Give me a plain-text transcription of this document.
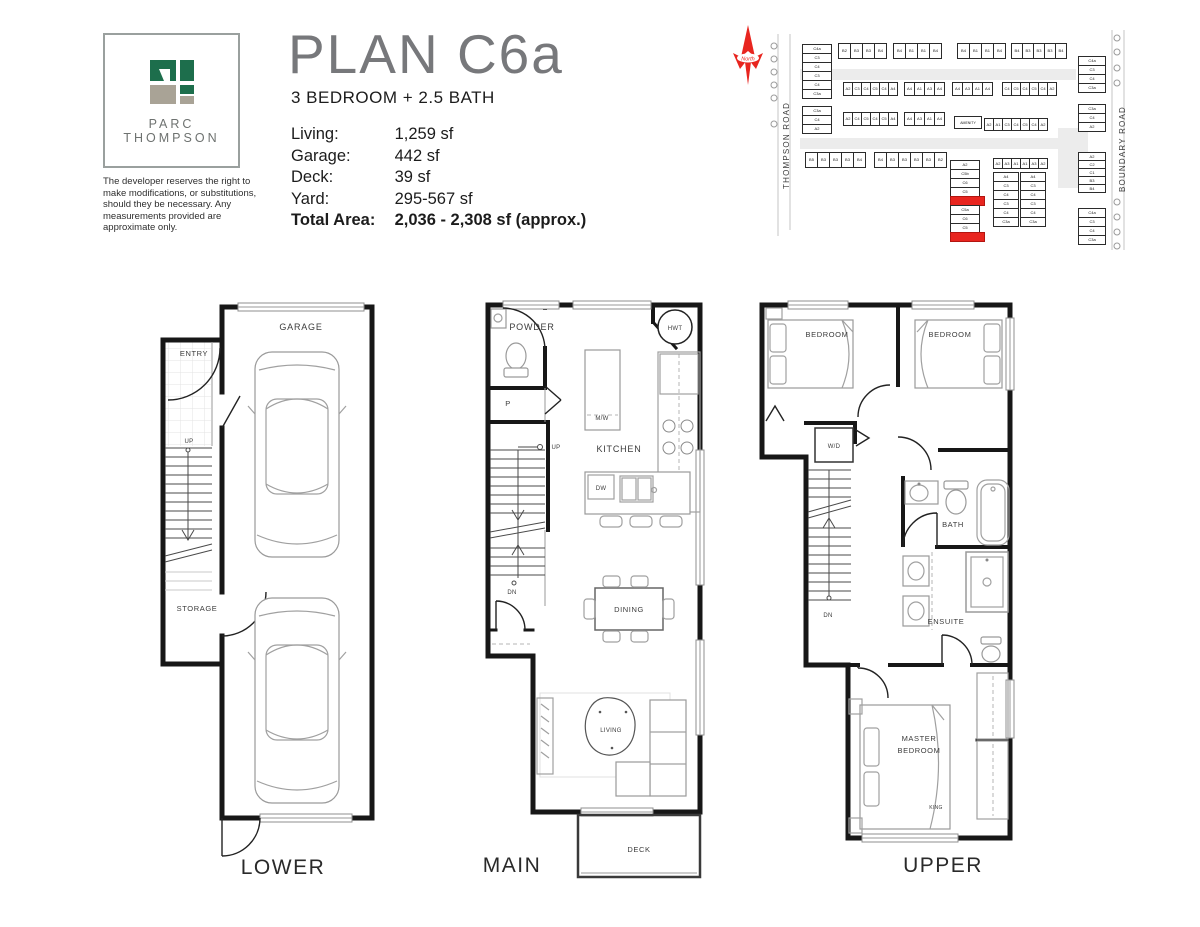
PARC THOMPSON
The developer reserves the right to make modifications, or substitutions, should they be necessary. Any measurements provided are approximate only.
PLAN C6a
3 BEDROOM + 2.5 BATH
Living:	1,259 sf
Garage:	442 sf
Deck:	39 sf
Yard:	295-567 sf
Total Area: 2,036 - 2,308 sf (approx.)
North
THOMPSON ROAD	BOUNDARY ROAD
C4a
C3
C4
C3
C4
C3a
C3a
C4
A2
B2	B3	B3	B4	B4	B1	B1	B4	B4	B1	B1	B4	B4	B3	B3	B3	B4
C4a
C3
C4
C3a
C3a
C4
A2
A2 C3 C4 C5 C4 A4	A4	A1	A3	A4	A4	A3	A1	A4	C4 C5 C4 C5 C4 A2
A2 C4 C5 C4 C5 A4	A4	A3	A1	A4
A2	A1 C3 C4 C5 C4 A2
B5	B3	B3	B3	B4	B4	B3	B3	B3	B3	B2
A2
C5b
C6
C5
C5a
C6
C5
A2	A3	A1	A1	A3	A2
A4
C3
C4
C3
C4
C3a
A4
C3
C4
C3
C4
C3a
A2
C2
C1
B3
B4
C4a
C3
C4
C3a
AMENITY
ENTRY
UP
GARAGE
STORAGE
LOWER
HWT
M/W
DW
KITCHEN
DINING
LIVING
DECK
POWDER
P
UP
DN
MAIN
W/D
BEDROOM	BEDROOM
DN
BATH
ENSUITE
MASTER
BEDROOM
KING
UPPER
